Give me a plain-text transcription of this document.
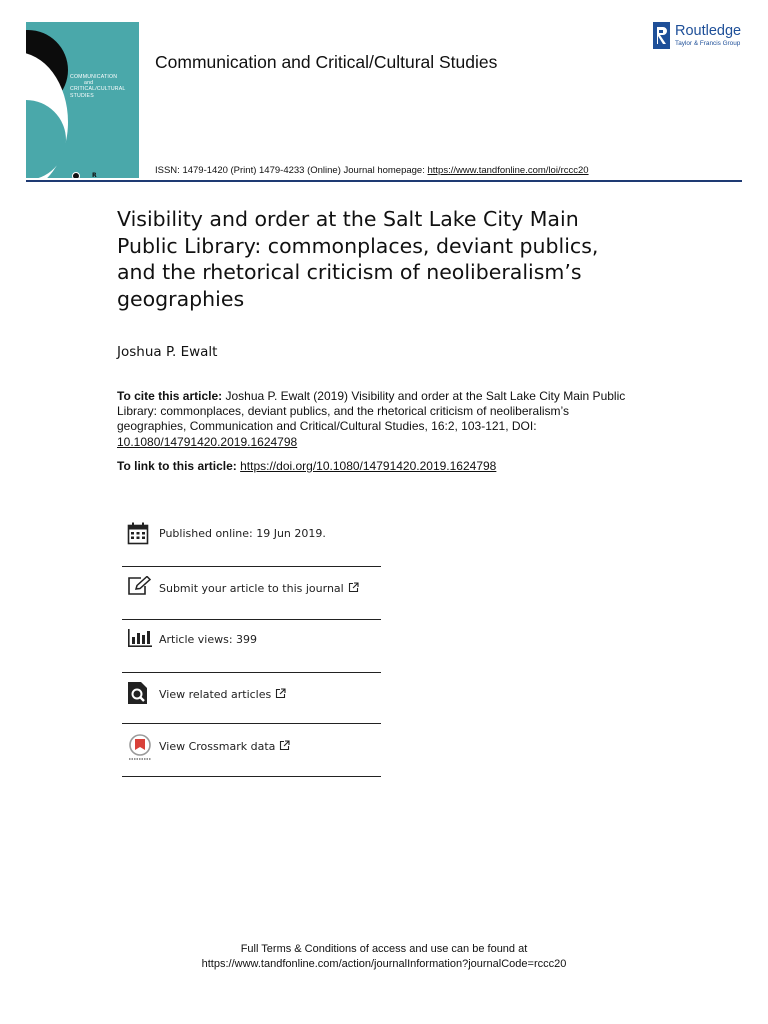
COMMUNICATION
and
CRITICAL/CULTURAL
STUDIES
R
Communication and Critical/Cultural Studies
Routledge
Taylor & Francis Group
ISSN: 1479-1420 (Print) 1479-4233 (Online) Journal homepage: https://www.tandfonline.com/loi/rccc20
Visibility and order at the Salt Lake City Main Public Library: commonplaces, deviant publics, and the rhetorical criticism of neoliberalism’s geographies
Joshua P. Ewalt
To cite this article: Joshua P. Ewalt (2019) Visibility and order at the Salt Lake City Main Public Library: commonplaces, deviant publics, and the rhetorical criticism of neoliberalism’s geographies, Communication and Critical/Cultural Studies, 16:2, 103-121, DOI: 10.1080/14791420.2019.1624798
To link to this article: https://doi.org/10.1080/14791420.2019.1624798
Published online: 19 Jun 2019.
Submit your article to this journal
Article views: 399
View related articles
View Crossmark data
Full Terms & Conditions of access and use can be found at
https://www.tandfonline.com/action/journalInformation?journalCode=rccc20
